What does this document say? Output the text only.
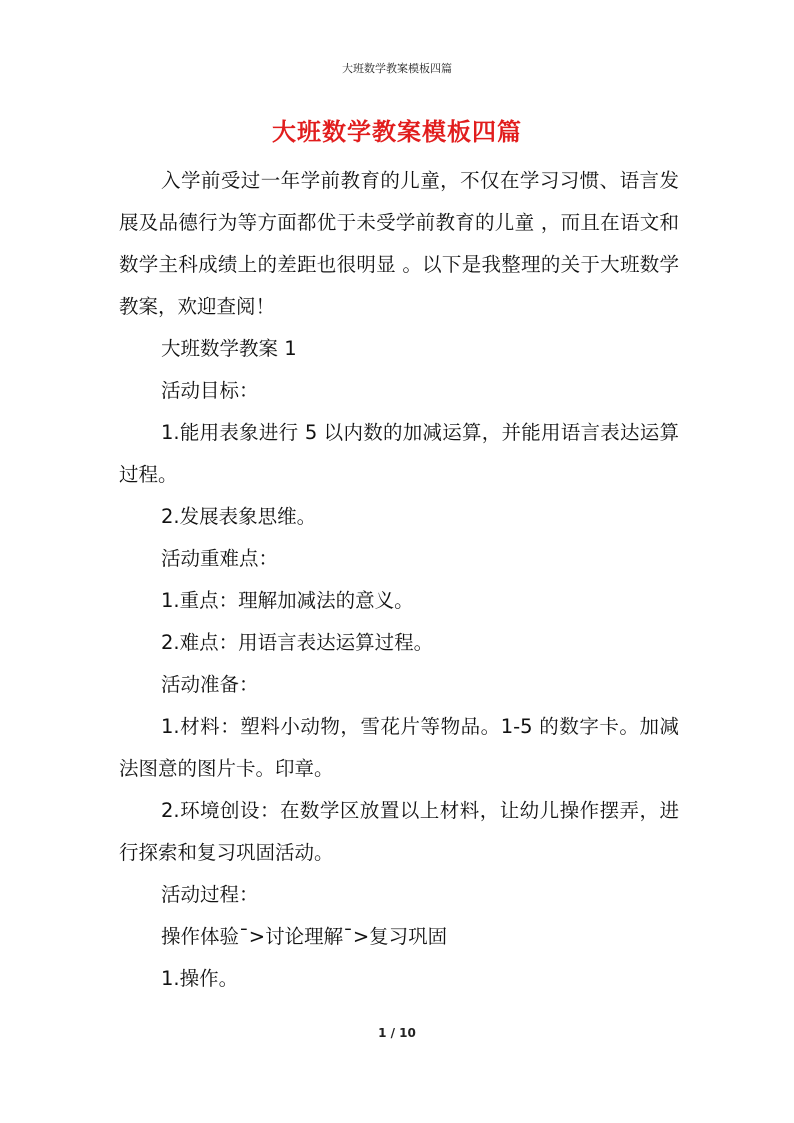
大班数学教案模板四篇
大班数学教案模板四篇

入学前受过一年学前教育的儿童，不仅在学习习惯、语言发展及品德行为等方面都优于未受学前教育的儿童 ，而且在语文和数学主科成绩上的差距也很明显 。以下是我整理的关于大班数学教案，欢迎查阅！

大班数学教案 1

活动目标：

1.能用表象进行 5 以内数的加减运算，并能用语言表达运算过程。

2.发展表象思维。

活动重难点：

1.重点：理解加减法的意义。

2.难点：用语言表达运算过程。

活动准备：

1.材料：塑料小动物，雪花片等物品。1-5 的数字卡。加减法图意的图片卡。印章。

2.环境创设：在数学区放置以上材料，让幼儿操作摆弄，进行探索和复习巩固活动。

活动过程：

操作体验¯>讨论理解¯>复习巩固

1.操作。

1 / 10
